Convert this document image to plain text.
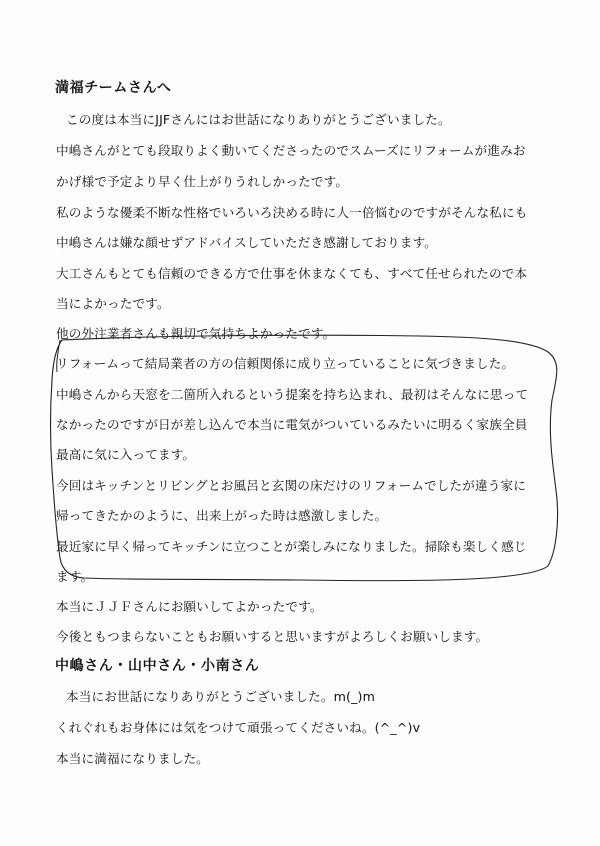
満福チームさんへ
この度は本当にJJFさんにはお世話になりありがとうございました。
中嶋さんがとても段取りよく動いてくださったのでスムーズにリフォームが進みお
かげ様で予定より早く仕上がりうれしかったです。
私のような優柔不断な性格でいろいろ決める時に人一倍悩むのですがそんな私にも
中嶋さんは嫌な顔せずアドバイスしていただき感謝しております。
大工さんもとても信頼のできる方で仕事を休まなくても、すべて任せられたので本
当によかったです。
他の外注業者さんも親切で気持ちよかったです。
リフォームって結局業者の方の信頼関係に成り立っていることに気づきました。
中嶋さんから天窓を二箇所入れるという提案を持ち込まれ、最初はそんなに思って
なかったのですが日が差し込んで本当に電気がついているみたいに明るく家族全員
最高に気に入ってます。
今回はキッチンとリビングとお風呂と玄関の床だけのリフォームでしたが違う家に
帰ってきたかのように、出来上がった時は感激しました。
最近家に早く帰ってキッチンに立つことが楽しみになりました。掃除も楽しく感じ
ます。
本当にＪＪＦさんにお願いしてよかったです。
今後ともつまらないこともお願いすると思いますがよろしくお願いします。
中嶋さん・山中さん・小南さん
本当にお世話になりありがとうございました。m(_)m
くれぐれもお身体には気をつけて頑張ってくださいね。(^_^)v
本当に満福になりました。
